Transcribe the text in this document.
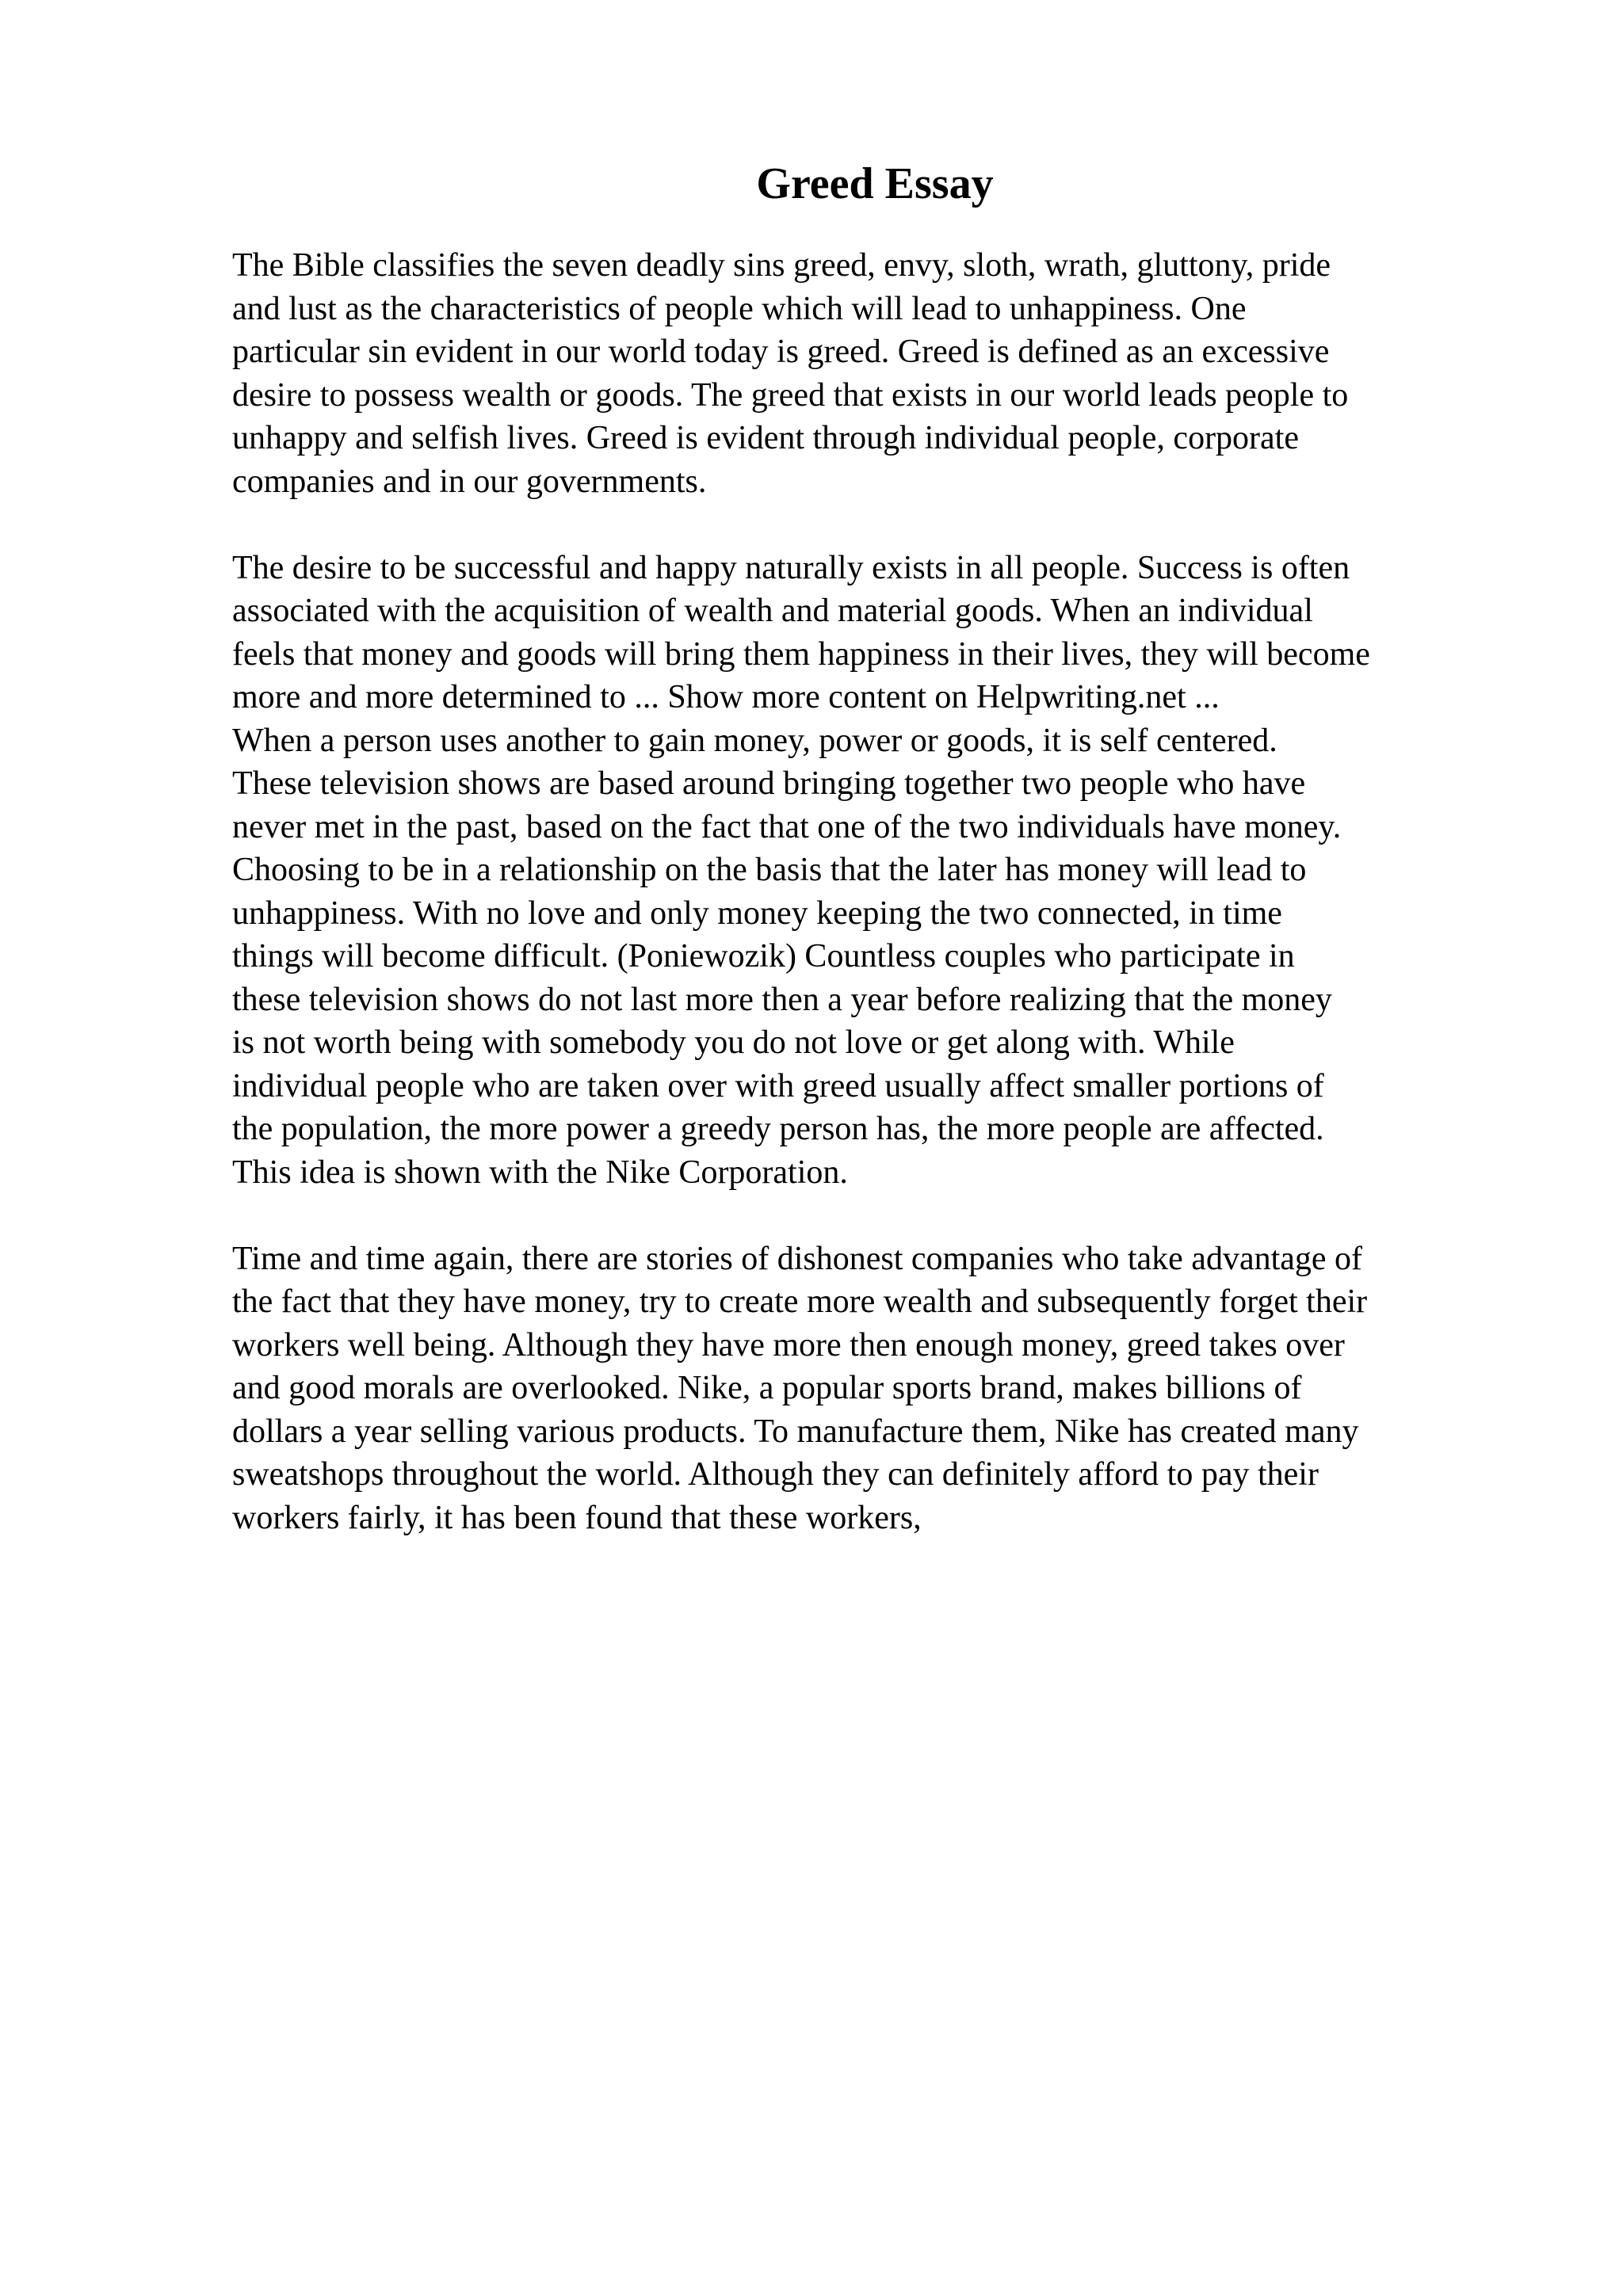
Greed Essay

The Bible classifies the seven deadly sins greed, envy, sloth, wrath, gluttony, pride
and lust as the characteristics of people which will lead to unhappiness. One
particular sin evident in our world today is greed. Greed is defined as an excessive
desire to possess wealth or goods. The greed that exists in our world leads people to
unhappy and selfish lives. Greed is evident through individual people, corporate
companies and in our governments.

The desire to be successful and happy naturally exists in all people. Success is often
associated with the acquisition of wealth and material goods. When an individual
feels that money and goods will bring them happiness in their lives, they will become
more and more determined to ... Show more content on Helpwriting.net ...
When a person uses another to gain money, power or goods, it is self centered.
These television shows are based around bringing together two people who have
never met in the past, based on the fact that one of the two individuals have money.
Choosing to be in a relationship on the basis that the later has money will lead to
unhappiness. With no love and only money keeping the two connected, in time
things will become difficult. (Poniewozik) Countless couples who participate in
these television shows do not last more then a year before realizing that the money
is not worth being with somebody you do not love or get along with. While
individual people who are taken over with greed usually affect smaller portions of
the population, the more power a greedy person has, the more people are affected.
This idea is shown with the Nike Corporation.

Time and time again, there are stories of dishonest companies who take advantage of
the fact that they have money, try to create more wealth and subsequently forget their
workers well being. Although they have more then enough money, greed takes over
and good morals are overlooked. Nike, a popular sports brand, makes billions of
dollars a year selling various products. To manufacture them, Nike has created many
sweatshops throughout the world. Although they can definitely afford to pay their
workers fairly, it has been found that these workers,
